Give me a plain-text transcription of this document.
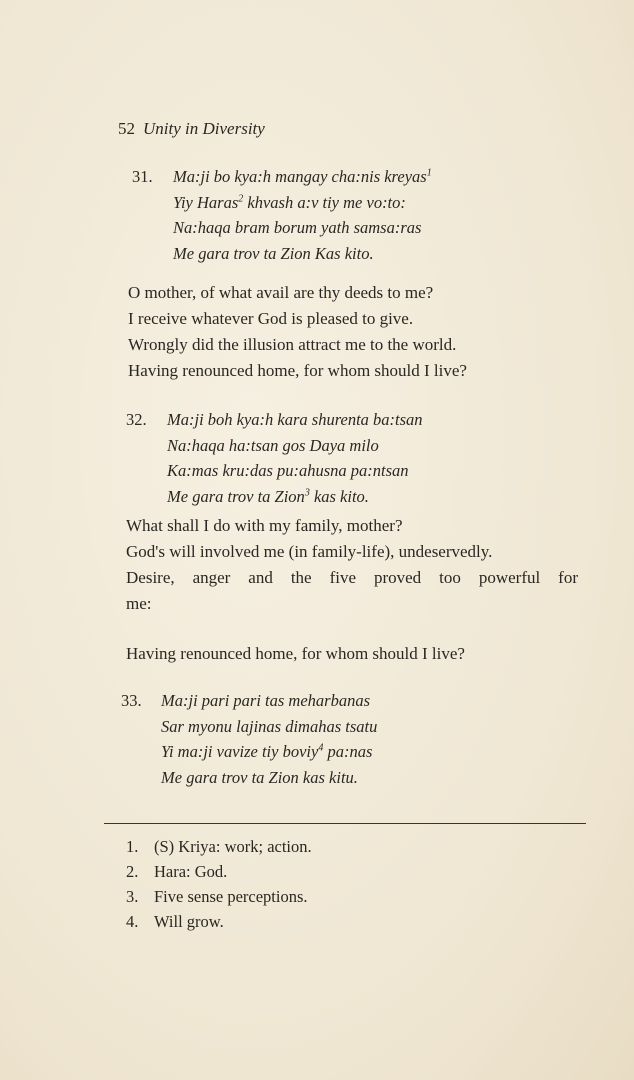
52 Unity in Diversity
31. Ma:ji bo kya:h mangay cha:nis kreyas$^1$
Yiy Haras$^2$ khvash a:v tiy me vo:to:
Na:haqa bram borum yath samsa:ras
Me gara trov ta Zion Kas kito.
O mother, of what avail are thy deeds to me?
I receive whatever God is pleased to give.
Wrongly did the illusion attract me to the world.
Having renounced home, for whom should I live?
32. Ma:ji boh kya:h kara shurenta ba:tsan
Na:haqa ha:tsan gos Daya milo
Ka:mas kru:das pu:ahusna pa:ntsan
Me gara trov ta Zion$^3$ kas kito.
What shall I do with my family, mother?
God's will involved me (in family-life), undeservedly.
Desire, anger and the five proved too powerful for
me:
Having renounced home, for whom should I live?
33. Ma:ji pari pari tas meharbanas
Sar myonu lajinas dimahas tsatu
Yi ma:ji vavize tiy boviy$^4$ pa:nas
Me gara trov ta Zion kas kitu.
1. (S) Kriya: work; action.
2. Hara: God.
3. Five sense perceptions.
4. Will grow.
